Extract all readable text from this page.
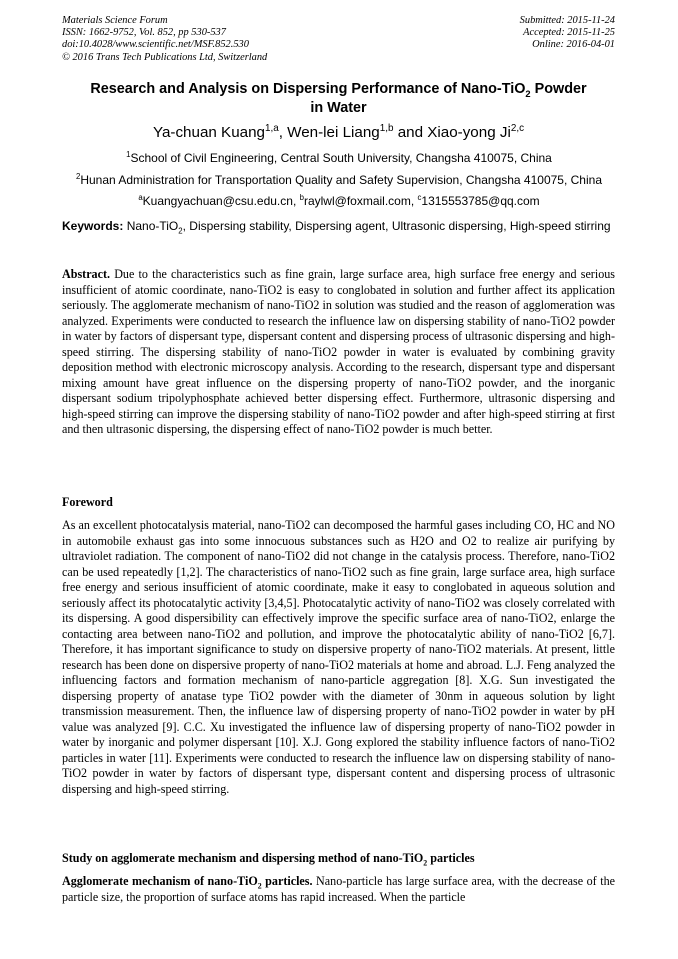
Materials Science Forum
ISSN: 1662-9752, Vol. 852, pp 530-537
doi:10.4028/www.scientific.net/MSF.852.530
© 2016 Trans Tech Publications Ltd, Switzerland
Submitted: 2015-11-24
Accepted: 2015-11-25
Online: 2016-04-01
Research and Analysis on Dispersing Performance of Nano-TiO$_2$ Powder
in Water
Ya-chuan Kuang$^{1,a}$, Wen-lei Liang$^{1,b}$ and Xiao-yong Ji$^{2,c}$
$^1$School of Civil Engineering, Central South University, Changsha 410075, China
$^2$Hunan Administration for Transportation Quality and Safety Supervision, Changsha 410075, China
$^a$Kuangyachuan@csu.edu.cn, $^b$raylwl@foxmail.com, $^c$1315553785@qq.com
Keywords: Nano-TiO$_2$, Dispersing stability, Dispersing agent, Ultrasonic dispersing, High-speed stirring
Abstract. Due to the characteristics such as fine grain, large surface area, high surface free energy and serious insufficient of atomic coordinate, nano-TiO2 is easy to conglobated in solution and further affect its application seriously. The agglomerate mechanism of nano-TiO2 in solution was studied and the reason of agglomeration was analyzed. Experiments were conducted to research the influence law on dispersing stability of nano-TiO2 powder in water by factors of dispersant type, dispersant content and dispersing process of ultrasonic dispersing and high-speed stirring. The dispersing stability of nano-TiO2 powder in water is evaluated by combining gravity deposition method with electronic microscopy analysis. According to the research, dispersant type and dispersant mixing amount have great influence on the dispersing property of nano-TiO2 powder, and the inorganic dispersant sodium tripolyphosphate achieved better dispersing effect. Furthermore, ultrasonic dispersing and high-speed stirring can improve the dispersing stability of nano-TiO2 powder and after high-speed stirring at first and then ultrasonic dispersing, the dispersing effect of nano-TiO2 powder is much better.
Foreword
As an excellent photocatalysis material, nano-TiO2 can decomposed the harmful gases including CO, HC and NO in automobile exhaust gas into some innocuous substances such as H2O and O2 to realize air purifying by ultraviolet radiation. The component of nano-TiO2 did not change in the catalysis process. Therefore, nano-TiO2 can be used repeatedly [1,2]. The characteristics of nano-TiO2 such as fine grain, large surface area, high surface free energy and serious insufficient of atomic coordinate, make it easy to conglobated in aqueous solution and seriously affect its photocatalytic activity [3,4,5]. Photocatalytic activity of nano-TiO2 was closely correlated with its dispersing. A good dispersibility can effectively improve the specific surface area of nano-TiO2, enlarge the contacting area between nano-TiO2 and pollution, and improve the photocatalytic ability of nano-TiO2 [6,7]. Therefore, it has important significance to study on dispersive property of nano-TiO2 materials. At present, little research has been done on dispersive property of nano-TiO2 materials at home and abroad. L.J. Feng analyzed the influencing factors and formation mechanism of nano-particle aggregation [8]. X.G. Sun investigated the dispersing property of anatase type TiO2 powder with the diameter of 30nm in aqueous solution by light transmission measurement. Then, the influence law of dispersing property of nano-TiO2 powder in water by pH value was analyzed [9]. C.C. Xu investigated the influence law of dispersing property of nano-TiO2 powder in water by inorganic and polymer dispersant [10]. X.J. Gong explored the stability influence factors of nano-TiO2 particles in water [11]. Experiments were conducted to research the influence law on dispersing stability of nano-TiO2 powder in water by factors of dispersant type, dispersant content and dispersing process of ultrasonic dispersing and high-speed stirring.
Study on agglomerate mechanism and dispersing method of nano-TiO$_2$ particles
Agglomerate mechanism of nano-TiO$_2$ particles. Nano-particle has large surface area, with the decrease of the particle size, the proportion of surface atoms has rapid increased. When the particle
